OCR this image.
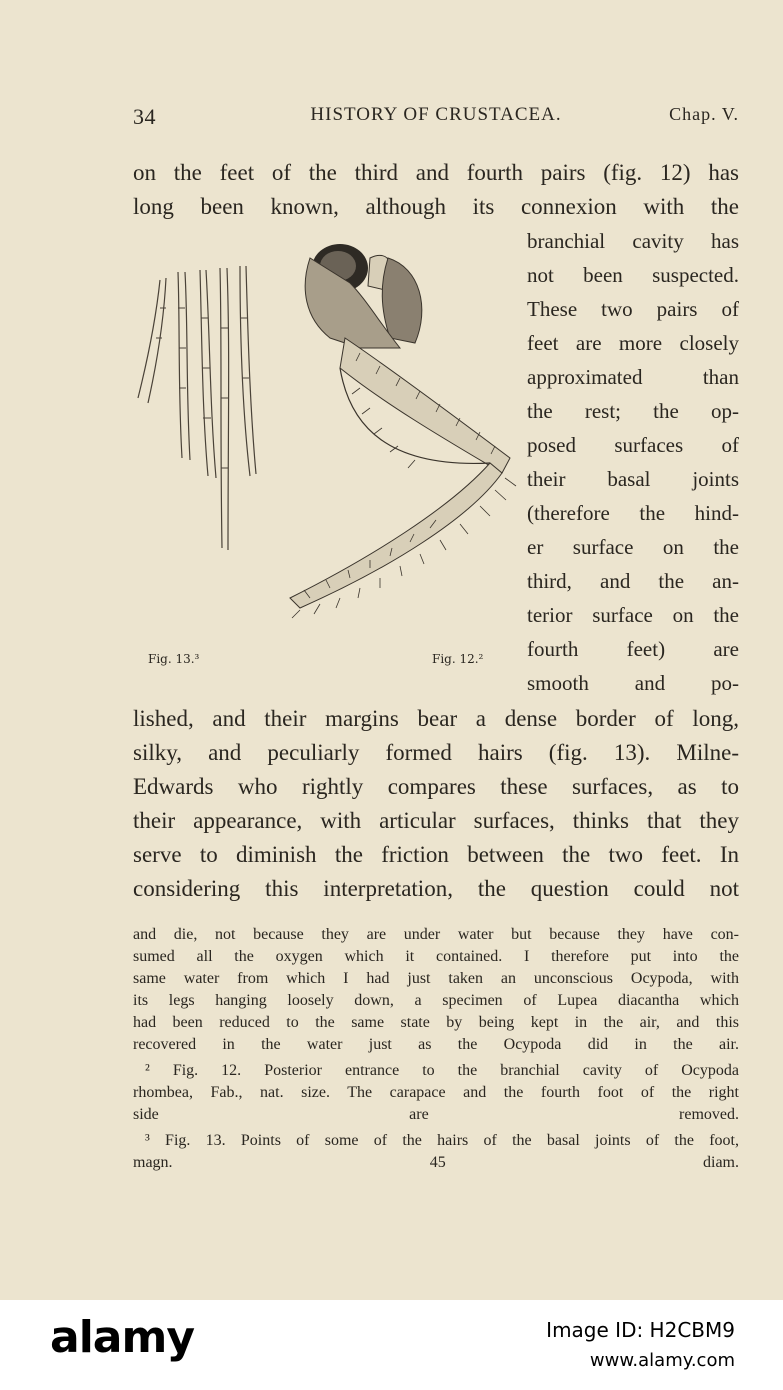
34	HISTORY OF CRUSTACEA.	Chap. V.
on the feet of the third and fourth pairs (fig. 12) has
long been known, although its connexion with the
branchial cavity has
not been suspected.
These two pairs of
feet are more closely
approximated than
the rest; the op-
posed surfaces of
their basal joints
(therefore the hind-
er surface on the
third, and the an-
terior surface on the
fourth feet) are
smooth and po-
lished, and their margins bear a dense border of long,
silky, and peculiarly formed hairs (fig. 13). Milne-
Edwards who rightly compares these surfaces, as to
their appearance, with articular surfaces, thinks that they
serve to diminish the friction between the two feet. In
considering this interpretation, the question could not
Fig. 13.³	Fig. 12.²
and die, not because they are under water but because they have con-
sumed all the oxygen which it contained. I therefore put into the
same water from which I had just taken an unconscious Ocypoda, with
its legs hanging loosely down, a specimen of Lupea diacantha which
had been reduced to the same state by being kept in the air, and this
recovered in the water just as the Ocypoda did in the air.
² Fig. 12. Posterior entrance to the branchial cavity of Ocypoda
rhombea, Fab., nat. size. The carapace and the fourth foot of the right
side are removed.
³ Fig. 13. Points of some of the hairs of the basal joints of the foot,
magn. 45 diam.
alamy	Image ID: H2CBM9
www.alamy.com
